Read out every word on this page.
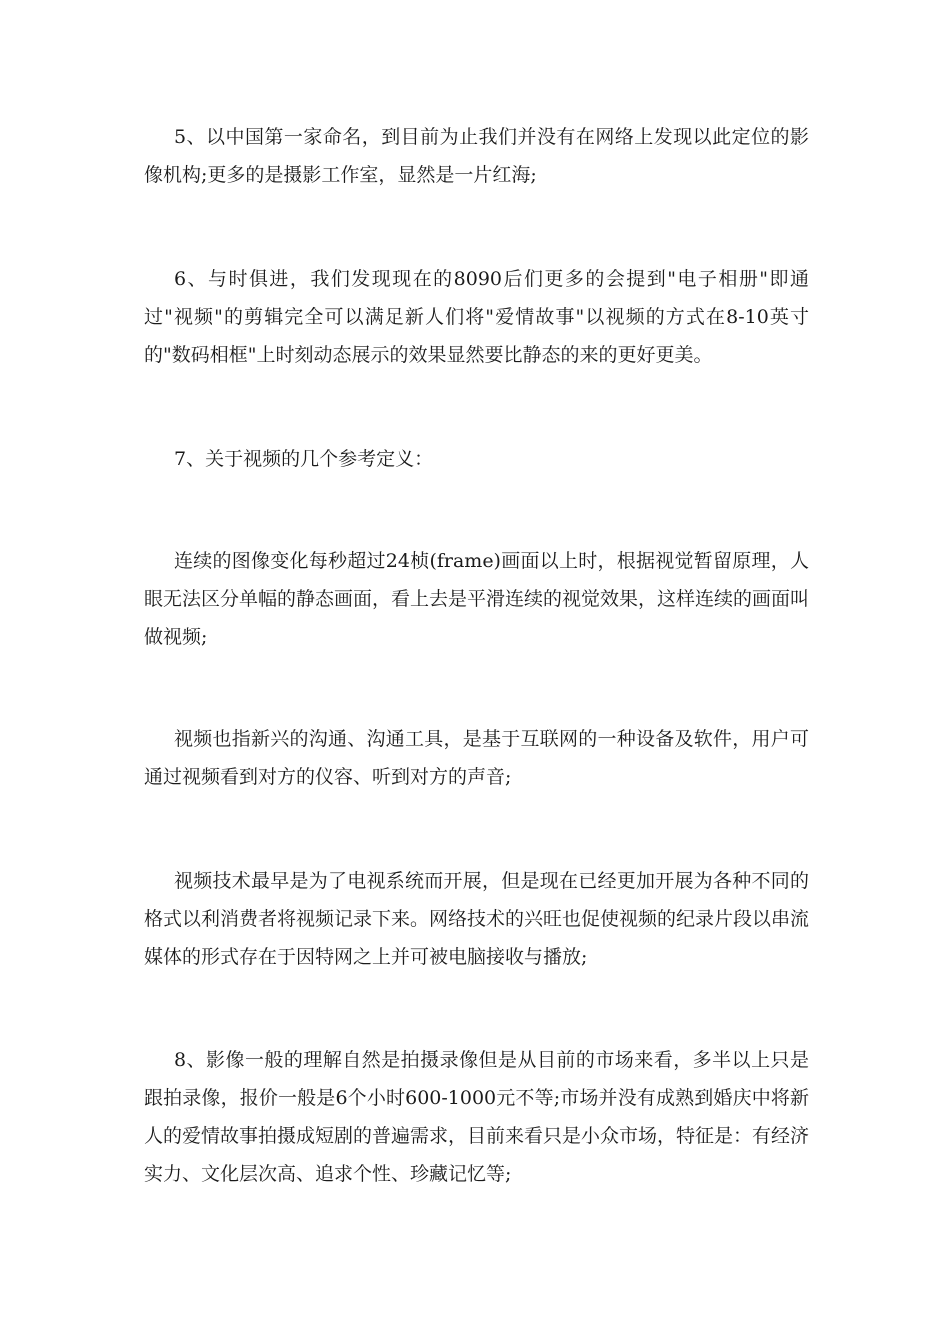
5、以中国第一家命名，到目前为止我们并没有在网络上发现以此定位的影像机构;更多的是摄影工作室，显然是一片红海;

6、与时俱进，我们发现现在的8090后们更多的会提到"电子相册"即通过"视频"的剪辑完全可以满足新人们将"爱情故事"以视频的方式在8-10英寸的"数码相框"上时刻动态展示的效果显然要比静态的来的更好更美。

7、关于视频的几个参考定义：

连续的图像变化每秒超过24桢(frame)画面以上时，根据视觉暂留原理，人眼无法区分单幅的静态画面，看上去是平滑连续的视觉效果，这样连续的画面叫做视频;

视频也指新兴的沟通、沟通工具，是基于互联网的一种设备及软件，用户可通过视频看到对方的仪容、听到对方的声音;

视频技术最早是为了电视系统而开展，但是现在已经更加开展为各种不同的格式以利消费者将视频记录下来。网络技术的兴旺也促使视频的纪录片段以串流媒体的形式存在于因特网之上并可被电脑接收与播放;

8、影像一般的理解自然是拍摄录像但是从目前的市场来看，多半以上只是跟拍录像，报价一般是6个小时600-1000元不等;市场并没有成熟到婚庆中将新人的爱情故事拍摄成短剧的普遍需求，目前来看只是小众市场，特征是：有经济实力、文化层次高、追求个性、珍藏记忆等;
